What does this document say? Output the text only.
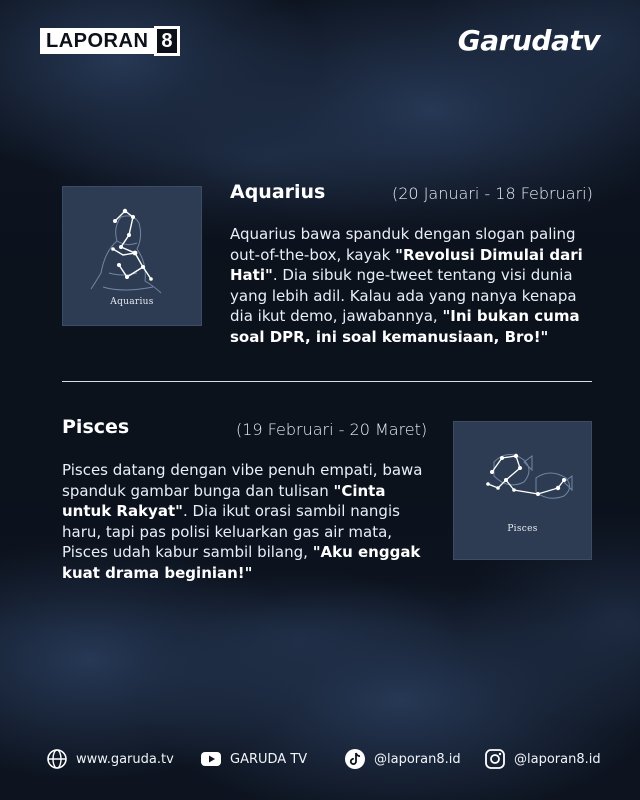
LAPORAN 8	Garudatv
Aquarius
Aquarius	(20 Januari - 18 Februari)
Aquarius bawa spanduk dengan slogan paling out-of-the-box, kayak "Revolusi Dimulai dari Hati". Dia sibuk nge-tweet tentang visi dunia yang lebih adil. Kalau ada yang nanya kenapa dia ikut demo, jawabannya, "Ini bukan cuma soal DPR, ini soal kemanusiaan, Bro!"
Pisces	(19 Februari - 20 Maret)
Pisces datang dengan vibe penuh empati, bawa spanduk gambar bunga dan tulisan "Cinta untuk Rakyat". Dia ikut orasi sambil nangis haru, tapi pas polisi keluarkan gas air mata, Pisces udah kabur sambil bilang, "Aku enggak kuat drama beginian!"
Pisces
www.garuda.tv	GARUDA TV	@laporan8.id	@laporan8.id
